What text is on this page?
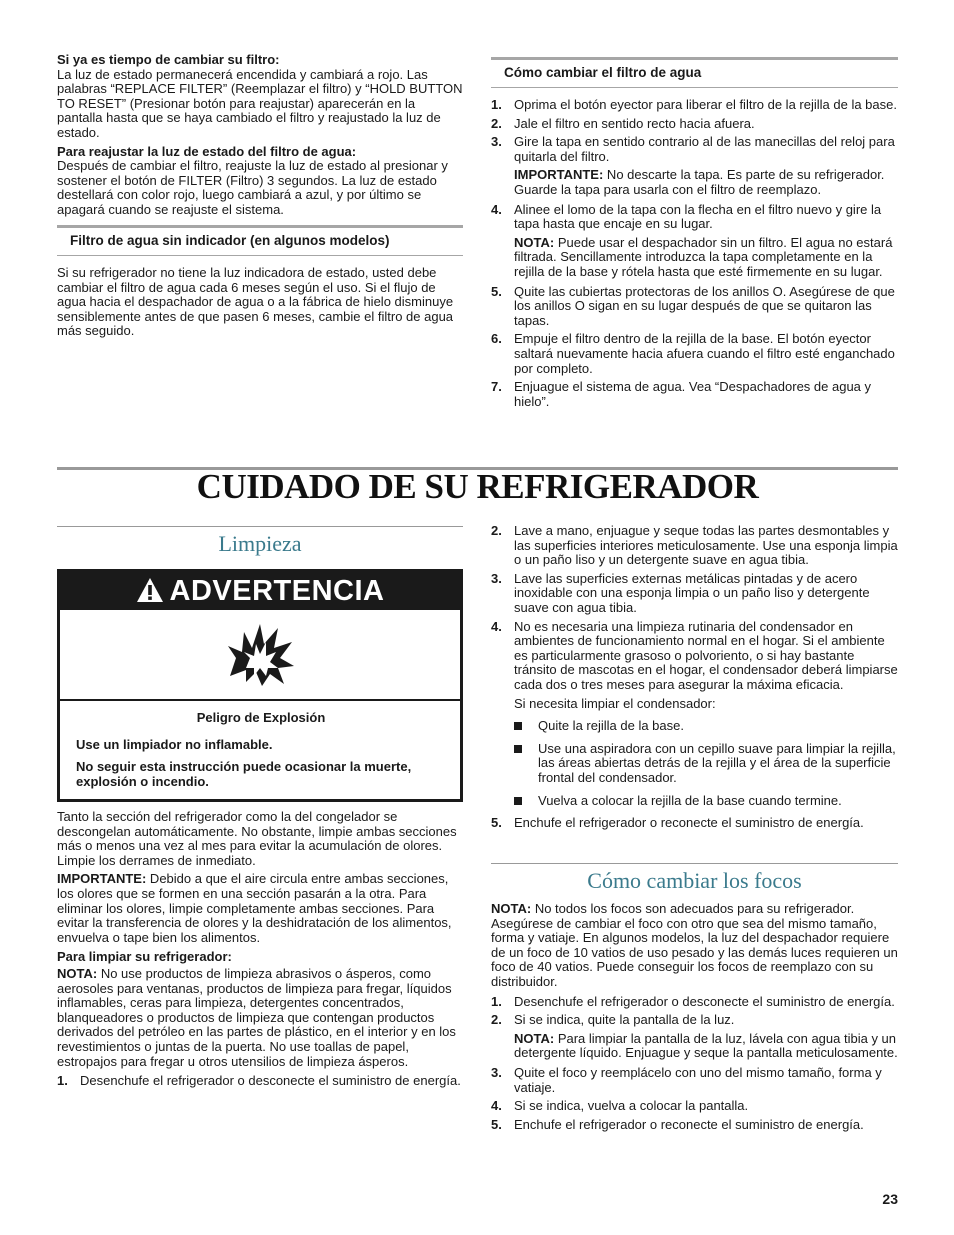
Si ya es tiempo de cambiar su filtro:

La luz de estado permanecerá encendida y cambiará a rojo. Las palabras “REPLACE FILTER” (Reemplazar el filtro) y “HOLD BUTTON TO RESET” (Presionar botón para reajustar) aparecerán en la pantalla hasta que se haya cambiado el filtro y reajustado la luz de estado.

Para reajustar la luz de estado del filtro de agua:

Después de cambiar el filtro, reajuste la luz de estado al presionar y sostener el botón de FILTER (Filtro) 3 segundos. La luz de estado destellará con color rojo, luego cambiará a azul, y por último se apagará cuando se reajuste el sistema.

Filtro de agua sin indicador (en algunos modelos)

Si su refrigerador no tiene la luz indicadora de estado, usted debe cambiar el filtro de agua cada 6 meses según el uso. Si el flujo de agua hacia el despachador de agua o a la fábrica de hielo disminuye sensiblemente antes de que pasen 6 meses, cambie el filtro de agua más seguido.

Cómo cambiar el filtro de agua
1. Oprima el botón eyector para liberar el filtro de la rejilla de la base.

2. Jale el filtro en sentido recto hacia afuera.

3. Gire la tapa en sentido contrario al de las manecillas del reloj para quitarla del filtro.

IMPORTANTE: No descarte la tapa. Es parte de su refrigerador. Guarde la tapa para usarla con el filtro de reemplazo.

4. Alinee el lomo de la tapa con la flecha en el filtro nuevo y gire la tapa hasta que encaje en su lugar.

NOTA: Puede usar el despachador sin un filtro. El agua no estará filtrada. Sencillamente introduzca la tapa completamente en la rejilla de la base y rótela hasta que esté firmemente en su lugar.

5. Quite las cubiertas protectoras de los anillos O. Asegúrese de que los anillos O sigan en su lugar después de que se quitaron las tapas.

6. Empuje el filtro dentro de la rejilla de la base. El botón eyector saltará nuevamente hacia afuera cuando el filtro esté enganchado por completo.

7. Enjuague el sistema de agua. Vea “Despachadores de agua y hielo”.

CUIDADO DE SU REFRIGERADOR
Limpieza
ADVERTENCIA

Peligro de Explosión

Use un limpiador no inflamable.

No seguir esta instrucción puede ocasionar la muerte, explosión o incendio.

Tanto la sección del refrigerador como la del congelador se descongelan automáticamente. No obstante, limpie ambas secciones más o menos una vez al mes para evitar la acumulación de olores. Limpie los derrames de inmediato.

IMPORTANTE: Debido a que el aire circula entre ambas secciones, los olores que se formen en una sección pasarán a la otra. Para eliminar los olores, limpie completamente ambas secciones. Para evitar la transferencia de olores y la deshidratación de los alimentos, envuelva o tape bien los alimentos.

Para limpiar su refrigerador:

NOTA: No use productos de limpieza abrasivos o ásperos, como aerosoles para ventanas, productos de limpieza para fregar, líquidos inflamables, ceras para limpieza, detergentes concentrados, blanqueadores o productos de limpieza que contengan productos derivados del petróleo en las partes de plástico, en el interior y en los revestimientos o juntas de la puerta. No use toallas de papel, estropajos para fregar u otros utensilios de limpieza ásperos.

1. Desenchufe el refrigerador o desconecte el suministro de energía.

2. Lave a mano, enjuague y seque todas las partes desmontables y las superficies interiores meticulosamente. Use una esponja limpia o un paño liso y un detergente suave en agua tibia.

3. Lave las superficies externas metálicas pintadas y de acero inoxidable con una esponja limpia o un paño liso y detergente suave con agua tibia.

4. No es necesaria una limpieza rutinaria del condensador en ambientes de funcionamiento normal en el hogar. Si el ambiente es particularmente grasoso o polvoriento, o si hay bastante tránsito de mascotas en el hogar, el condensador deberá limpiarse cada dos o tres meses para asegurar la máxima eficacia.

Si necesita limpiar el condensador:

Quite la rejilla de la base.

Use una aspiradora con un cepillo suave para limpiar la rejilla, las áreas abiertas detrás de la rejilla y el área de la superficie frontal del condensador.

Vuelva a colocar la rejilla de la base cuando termine.

5. Enchufe el refrigerador o reconecte el suministro de energía.

Cómo cambiar los focos

NOTA: No todos los focos son adecuados para su refrigerador. Asegúrese de cambiar el foco con otro que sea del mismo tamaño, forma y vatiaje. En algunos modelos, la luz del despachador requiere de un foco de 10 vatios de uso pesado y las demás luces requieren un foco de 40 vatios. Puede conseguir los focos de reemplazo con su distribuidor.

1. Desenchufe el refrigerador o desconecte el suministro de energía.

2. Si se indica, quite la pantalla de la luz.

NOTA: Para limpiar la pantalla de la luz, lávela con agua tibia y un detergente líquido. Enjuague y seque la pantalla meticulosamente.

3. Quite el foco y reemplácelo con uno del mismo tamaño, forma y vatiaje.

4. Si se indica, vuelva a colocar la pantalla.

5. Enchufe el refrigerador o reconecte el suministro de energía.

23
